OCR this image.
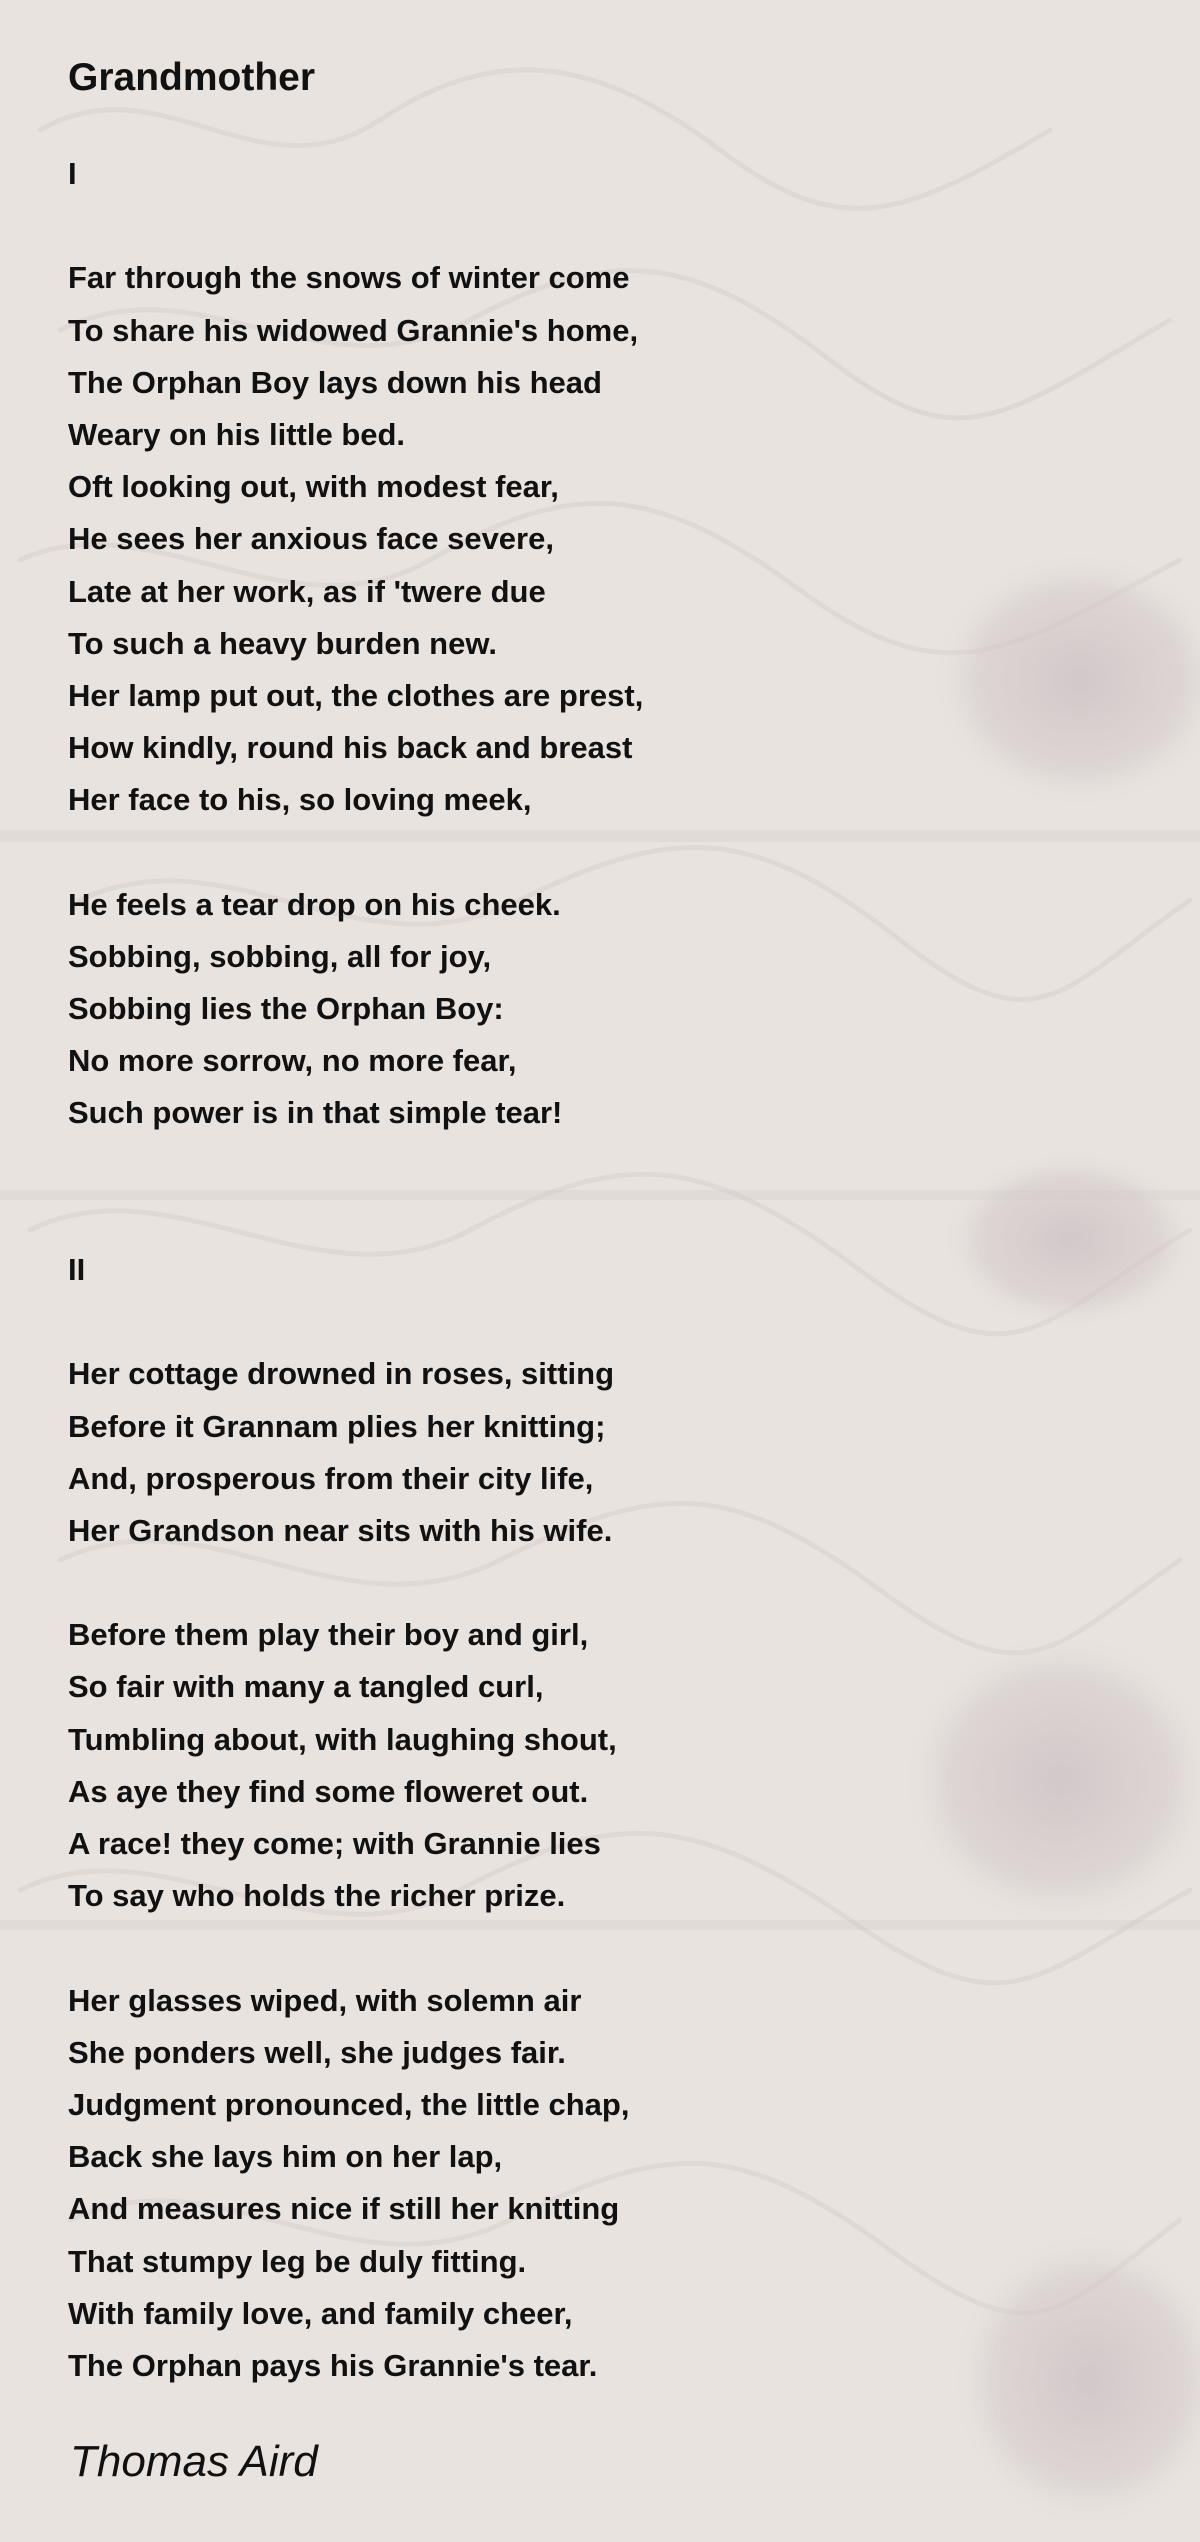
Grandmother
I
Far through the snows of winter come
To share his widowed Grannie's home,
The Orphan Boy lays down his head
Weary on his little bed.
Oft looking out, with modest fear,
He sees her anxious face severe,
Late at her work, as if 'twere due
To such a heavy burden new.
Her lamp put out, the clothes are prest,
How kindly, round his back and breast
Her face to his, so loving meek,
He feels a tear drop on his cheek.
Sobbing, sobbing, all for joy,
Sobbing lies the Orphan Boy:
No more sorrow, no more fear,
Such power is in that simple tear!
II
Her cottage drowned in roses, sitting
Before it Grannam plies her knitting;
And, prosperous from their city life,
Her Grandson near sits with his wife.
Before them play their boy and girl,
So fair with many a tangled curl,
Tumbling about, with laughing shout,
As aye they find some floweret out.
A race! they come; with Grannie lies
To say who holds the richer prize.
Her glasses wiped, with solemn air
She ponders well, she judges fair.
Judgment pronounced, the little chap,
Back she lays him on her lap,
And measures nice if still her knitting
That stumpy leg be duly fitting.
With family love, and family cheer,
The Orphan pays his Grannie's tear.
Thomas Aird
